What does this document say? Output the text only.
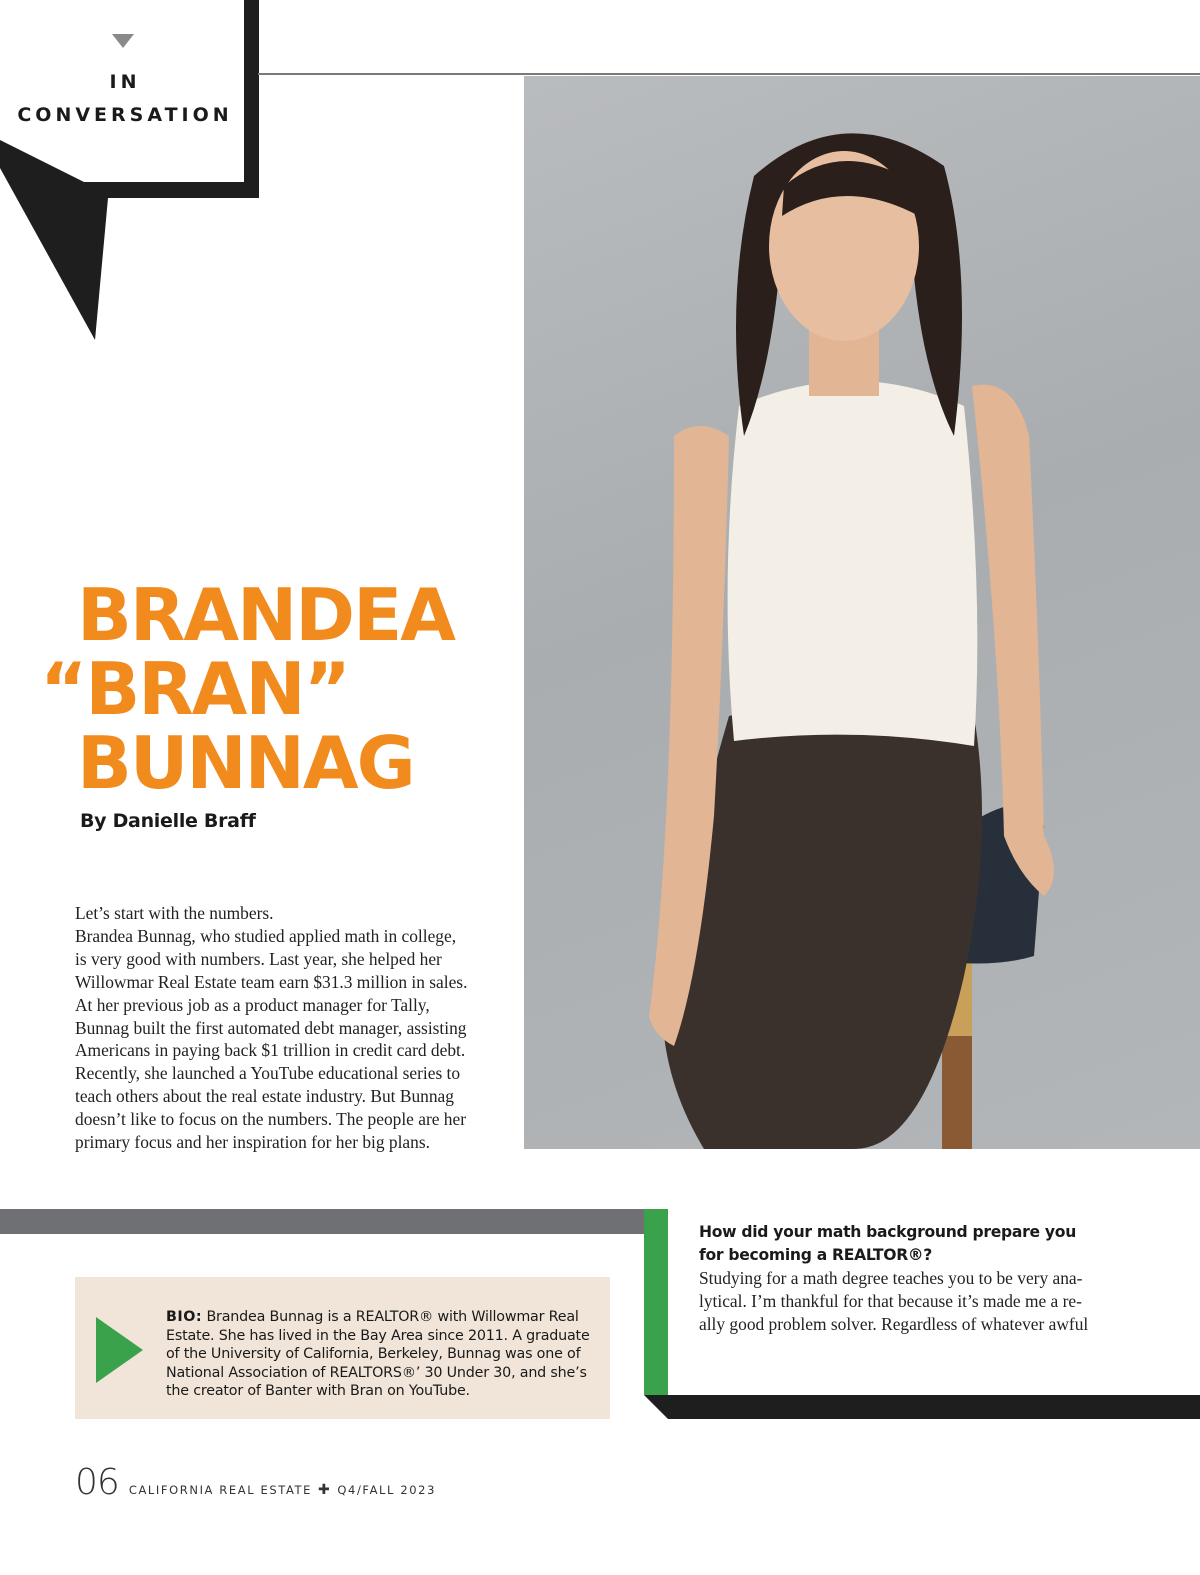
IN
CONVERSATION
BRANDEA
“BRAN”
BUNNAG
By Danielle Braff

Let’s start with the numbers.

Brandea Bunnag, who studied applied math in college,

is very good with numbers. Last year, she helped her

Willowmar Real Estate team earn $31.3 million in sales.

At her previous job as a product manager for Tally,

Bunnag built the first automated debt manager, assisting

Americans in paying back $1 trillion in credit card debt.

Recently, she launched a YouTube educational series to

teach others about the real estate industry. But Bunnag

doesn’t like to focus on the numbers. The people are her

primary focus and her inspiration for her big plans.

BIO: Brandea Bunnag is a REALTOR® with Willowmar Real Estate. She has lived in the Bay Area since 2011. A graduate of the University of California, Berkeley, Bunnag was one of National Association of REALTORS®’ 30 Under 30, and she’s the creator of Banter with Bran on YouTube.
How did your math background prepare you
for becoming a REALTOR®?
Studying for a math degree teaches you to be very ana-
lytical. I’m thankful for that because it’s made me a re-
ally good problem solver. Regardless of whatever awful
06 CALIFORNIA REAL ESTATE ✚ Q4/FALL 2023
